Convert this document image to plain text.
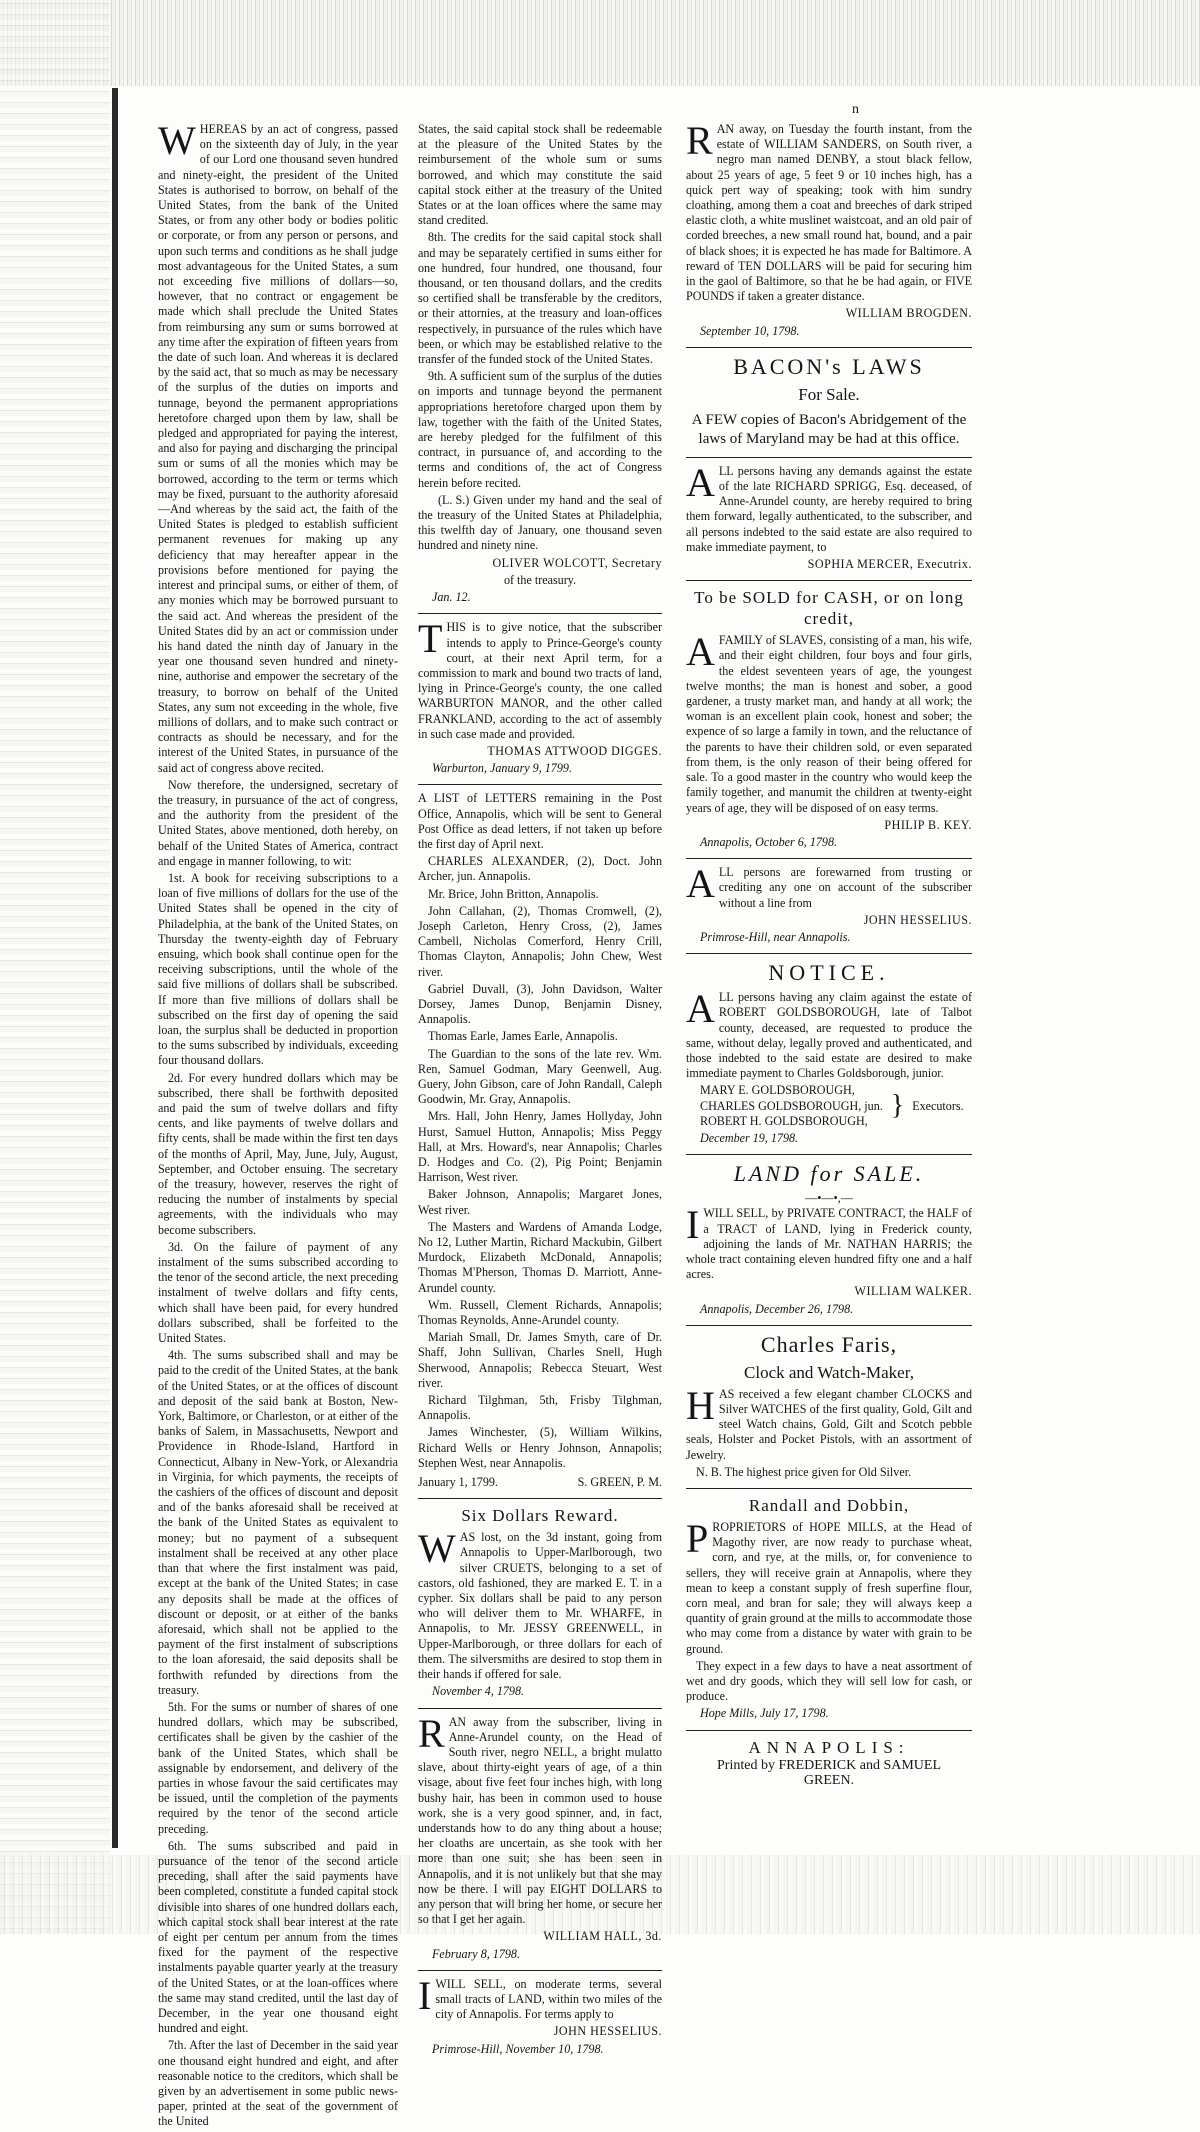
n

WHEREAS by an act of congress, passed on the sixteenth day of July, in the year of our Lord one thousand seven hundred and ninety-eight, the president of the United States is authorised to borrow, on behalf of the United States, from the bank of the United States, or from any other body or bodies politic or corporate, or from any person or persons, and upon such terms and conditions as he shall judge most advantageous for the United States, a sum not exceeding five millions of dollars—so, however, that no contract or engagement be made which shall preclude the United States from reimbursing any sum or sums borrowed at any time after the expiration of fifteen years from the date of such loan. And whereas it is declared by the said act, that so much as may be necessary of the surplus of the duties on imports and tunnage, beyond the permanent appropriations heretofore charged upon them by law, shall be pledged and appropriated for paying the interest, and also for paying and discharging the principal sum or sums of all the monies which may be borrowed, according to the term or terms which may be fixed, pursuant to the authority aforesaid—And whereas by the said act, the faith of the United States is pledged to establish sufficient permanent revenues for making up any deficiency that may hereafter appear in the provisions before mentioned for paying the interest and principal sums, or either of them, of any monies which may be borrowed pursuant to the said act. And whereas the president of the United States did by an act or commission under his hand dated the ninth day of January in the year one thousand seven hundred and ninety-nine, authorise and empower the secretary of the treasury, to borrow on behalf of the United States, any sum not exceeding in the whole, five millions of dollars, and to make such contract or contracts as should be necessary, and for the interest of the United States, in pursuance of the said act of congress above recited.

Now therefore, the undersigned, secretary of the treasury, in pursuance of the act of congress, and the authority from the president of the United States, above mentioned, doth hereby, on behalf of the United States of America, contract and engage in manner following, to wit:

1st. A book for receiving subscriptions to a loan of five millions of dollars for the use of the United States shall be opened in the city of Philadelphia, at the bank of the United States, on Thursday the twenty-eighth day of February ensuing, which book shall continue open for the receiving subscriptions, until the whole of the said five millions of dollars shall be subscribed. If more than five millions of dollars shall be subscribed on the first day of opening the said loan, the surplus shall be deducted in proportion to the sums subscribed by individuals, exceeding four thousand dollars.

2d. For every hundred dollars which may be subscribed, there shall be forthwith deposited and paid the sum of twelve dollars and fifty cents, and like payments of twelve dollars and fifty cents, shall be made within the first ten days of the months of April, May, June, July, August, September, and October ensuing. The secretary of the treasury, however, reserves the right of reducing the number of instalments by special agreements, with the individuals who may become subscribers.

3d. On the failure of payment of any instalment of the sums subscribed according to the tenor of the second article, the next preceding instalment of twelve dollars and fifty cents, which shall have been paid, for every hundred dollars subscribed, shall be forfeited to the United States.

4th. The sums subscribed shall and may be paid to the credit of the United States, at the bank of the United States, or at the offices of discount and deposit of the said bank at Boston, New-York, Baltimore, or Charleston, or at either of the banks of Salem, in Massachusetts, Newport and Providence in Rhode-Island, Hartford in Connecticut, Albany in New-York, or Alexandria in Virginia, for which payments, the receipts of the cashiers of the offices of discount and deposit and of the banks aforesaid shall be received at the bank of the United States as equivalent to money; but no payment of a subsequent instalment shall be received at any other place than that where the first instalment was paid, except at the bank of the United States; in case any deposits shall be made at the offices of discount or deposit, or at either of the banks aforesaid, which shall not be applied to the payment of the first instalment of subscriptions to the loan aforesaid, the said deposits shall be forthwith refunded by directions from the treasury.

5th. For the sums or number of shares of one hundred dollars, which may be subscribed, certificates shall be given by the cashier of the bank of the United States, which shall be assignable by endorsement, and delivery of the parties in whose favour the said certificates may be issued, until the completion of the payments required by the tenor of the second article preceding.

6th. The sums subscribed and paid in pursuance of the tenor of the second article preceding, shall after the said payments have been completed, constitute a funded capital stock divisible into shares of one hundred dollars each, which capital stock shall bear interest at the rate of eight per centum per annum from the times fixed for the payment of the respective instalments payable quarter yearly at the treasury of the United States, or at the loan-offices where the same may stand credited, until the last day of December, in the year one thousand eight hundred and eight.

7th. After the last of December in the said year one thousand eight hundred and eight, and after reasonable notice to the creditors, which shall be given by an advertisement in some public news-paper, printed at the seat of the government of the United

States, the said capital stock shall be redeemable at the pleasure of the United States by the reimbursement of the whole sum or sums borrowed, and which may constitute the said capital stock either at the treasury of the United States or at the loan offices where the same may stand credited.

8th. The credits for the said capital stock shall and may be separately certified in sums either for one hundred, four hundred, one thousand, four thousand, or ten thousand dollars, and the credits so certified shall be transferable by the creditors, or their attornies, at the treasury and loan-offices respectively, in pursuance of the rules which have been, or which may be established relative to the transfer of the funded stock of the United States.

9th. A sufficient sum of the surplus of the duties on imports and tunnage beyond the permanent appropriations heretofore charged upon them by law, together with the faith of the United States, are hereby pledged for the fulfilment of this contract, in pursuance of, and according to the terms and conditions of, the act of Congress herein before recited.

(L. S.) Given under my hand and the seal of the treasury of the United States at Philadelphia, this twelfth day of January, one thousand seven hundred and ninety nine.

OLIVER WOLCOTT, Secretary
of the treasury.
Jan. 12.

THIS is to give notice, that the subscriber intends to apply to Prince-George's county court, at their next April term, for a commission to mark and bound two tracts of land, lying in Prince-George's county, the one called WARBURTON MANOR, and the other called FRANKLAND, according to the act of assembly in such case made and provided.

THOMAS ATTWOOD DIGGES.
Warburton, January 9, 1799.

A LIST of LETTERS remaining in the Post Office, Annapolis, which will be sent to General Post Office as dead letters, if not taken up before the first day of April next.

CHARLES ALEXANDER, (2), Doct. John Archer, jun. Annapolis.

Mr. Brice, John Britton, Annapolis.

John Callahan, (2), Thomas Cromwell, (2), Joseph Carleton, Henry Cross, (2), James Cambell, Nicholas Comerford, Henry Crill, Thomas Clayton, Annapolis; John Chew, West river.

Gabriel Duvall, (3), John Davidson, Walter Dorsey, James Dunop, Benjamin Disney, Annapolis.

Thomas Earle, James Earle, Annapolis.

The Guardian to the sons of the late rev. Wm. Ren, Samuel Godman, Mary Geenwell, Aug. Guery, John Gibson, care of John Randall, Caleph Goodwin, Mr. Gray, Annapolis.

Mrs. Hall, John Henry, James Hollyday, John Hurst, Samuel Hutton, Annapolis; Miss Peggy Hall, at Mrs. Howard's, near Annapolis; Charles D. Hodges and Co. (2), Pig Point; Benjamin Harrison, West river.

Baker Johnson, Annapolis; Margaret Jones, West river.

The Masters and Wardens of Amanda Lodge, No 12, Luther Martin, Richard Mackubin, Gilbert Murdock, Elizabeth McDonald, Annapolis; Thomas M'Pherson, Thomas D. Marriott, Anne-Arundel county.

Wm. Russell, Clement Richards, Annapolis; Thomas Reynolds, Anne-Arundel county.

Mariah Small, Dr. James Smyth, care of Dr. Shaff, John Sullivan, Charles Snell, Hugh Sherwood, Annapolis; Rebecca Steuart, West river.

Richard Tilghman, 5th, Frisby Tilghman, Annapolis.

James Winchester, (5), William Wilkins, Richard Wells or Henry Johnson, Annapolis; Stephen West, near Annapolis.

January 1, 1799.	S. GREEN, P. M.
Six Dollars Reward.

WAS lost, on the 3d instant, going from Annapolis to Upper-Marlborough, two silver CRUETS, belonging to a set of castors, old fashioned, they are marked E. T. in a cypher. Six dollars shall be paid to any person who will deliver them to Mr. WHARFE, in Annapolis, to Mr. JESSY GREENWELL, in Upper-Marlborough, or three dollars for each of them. The silversmiths are desired to stop them in their hands if offered for sale.

November 4, 1798.

RAN away from the subscriber, living in Anne-Arundel county, on the Head of South river, negro NELL, a bright mulatto slave, about thirty-eight years of age, of a thin visage, about five feet four inches high, with long bushy hair, has been in common used to house work, she is a very good spinner, and, in fact, understands how to do any thing about a house; her cloaths are uncertain, as she took with her more than one suit; she has been seen in Annapolis, and it is not unlikely but that she may now be there. I will pay EIGHT DOLLARS to any person that will bring her home, or secure her so that I get her again.

WILLIAM HALL, 3d.
February 8, 1798.

IWILL SELL, on moderate terms, several small tracts of LAND, within two miles of the city of Annapolis. For terms apply to

JOHN HESSELIUS.
Primrose-Hill, November 10, 1798.

RAN away, on Tuesday the fourth instant, from the estate of WILLIAM SANDERS, on South river, a negro man named DENBY, a stout black fellow, about 25 years of age, 5 feet 9 or 10 inches high, has a quick pert way of speaking; took with him sundry cloathing, among them a coat and breeches of dark striped elastic cloth, a white muslinet waistcoat, and an old pair of corded breeches, a new small round hat, bound, and a pair of black shoes; it is expected he has made for Baltimore. A reward of TEN DOLLARS will be paid for securing him in the gaol of Baltimore, so that he be had again, or FIVE POUNDS if taken a greater distance.

WILLIAM BROGDEN.
September 10, 1798.
BACON's LAWS
For Sale.

A FEW copies of Bacon's Abridgement of the laws of Maryland may be had at this office.

ALL persons having any demands against the estate of the late RICHARD SPRIGG, Esq. deceased, of Anne-Arundel county, are hereby required to bring them forward, legally authenticated, to the subscriber, and all persons indebted to the said estate are also required to make immediate payment, to

SOPHIA MERCER, Executrix.
To be SOLD for CASH, or on long credit,

AFAMILY of SLAVES, consisting of a man, his wife, and their eight children, four boys and four girls, the eldest seventeen years of age, the youngest twelve months; the man is honest and sober, a good gardener, a trusty market man, and handy at all work; the woman is an excellent plain cook, honest and sober; the expence of so large a family in town, and the reluctance of the parents to have their children sold, or even separated from them, is the only reason of their being offered for sale. To a good master in the country who would keep the family together, and manumit the children at twenty-eight years of age, they will be disposed of on easy terms.

PHILIP B. KEY.
Annapolis, October 6, 1798.

ALL persons are forewarned from trusting or crediting any one on account of the subscriber without a line from

JOHN HESSELIUS.
Primrose-Hill, near Annapolis.
NOTICE.

ALL persons having any claim against the estate of ROBERT GOLDSBOROUGH, late of Talbot county, deceased, are requested to produce the same, without delay, legally proved and authenticated, and those indebted to the said estate are desired to make immediate payment to Charles Goldsborough, junior.

MARY E. GOLDSBOROUGH,
CHARLES GOLDSBOROUGH, jun.
ROBERT H. GOLDSBOROUGH, } Executors.
December 19, 1798.
LAND for SALE.
—•—•,—

IWILL SELL, by PRIVATE CONTRACT, the HALF of a TRACT of LAND, lying in Frederick county, adjoining the lands of Mr. NATHAN HARRIS; the whole tract containing eleven hundred fifty one and a half acres.

WILLIAM WALKER.
Annapolis, December 26, 1798.
Charles Faris,
Clock and Watch-Maker,

HAS received a few elegant chamber CLOCKS and Silver WATCHES of the first quality, Gold, Gilt and steel Watch chains, Gold, Gilt and Scotch pebble seals, Holster and Pocket Pistols, with an assortment of Jewelry.

N. B. The highest price given for Old Silver.

Randall and Dobbin,

PROPRIETORS of HOPE MILLS, at the Head of Magothy river, are now ready to purchase wheat, corn, and rye, at the mills, or, for convenience to sellers, they will receive grain at Annapolis, where they mean to keep a constant supply of fresh superfine flour, corn meal, and bran for sale; they will always keep a quantity of grain ground at the mills to accommodate those who may come from a distance by water with grain to be ground.

They expect in a few days to have a neat assortment of wet and dry goods, which they will sell low for cash, or produce.

Hope Mills, July 17, 1798.
ANNAPOLIS:
Printed by FREDERICK and SAMUEL
GREEN.
